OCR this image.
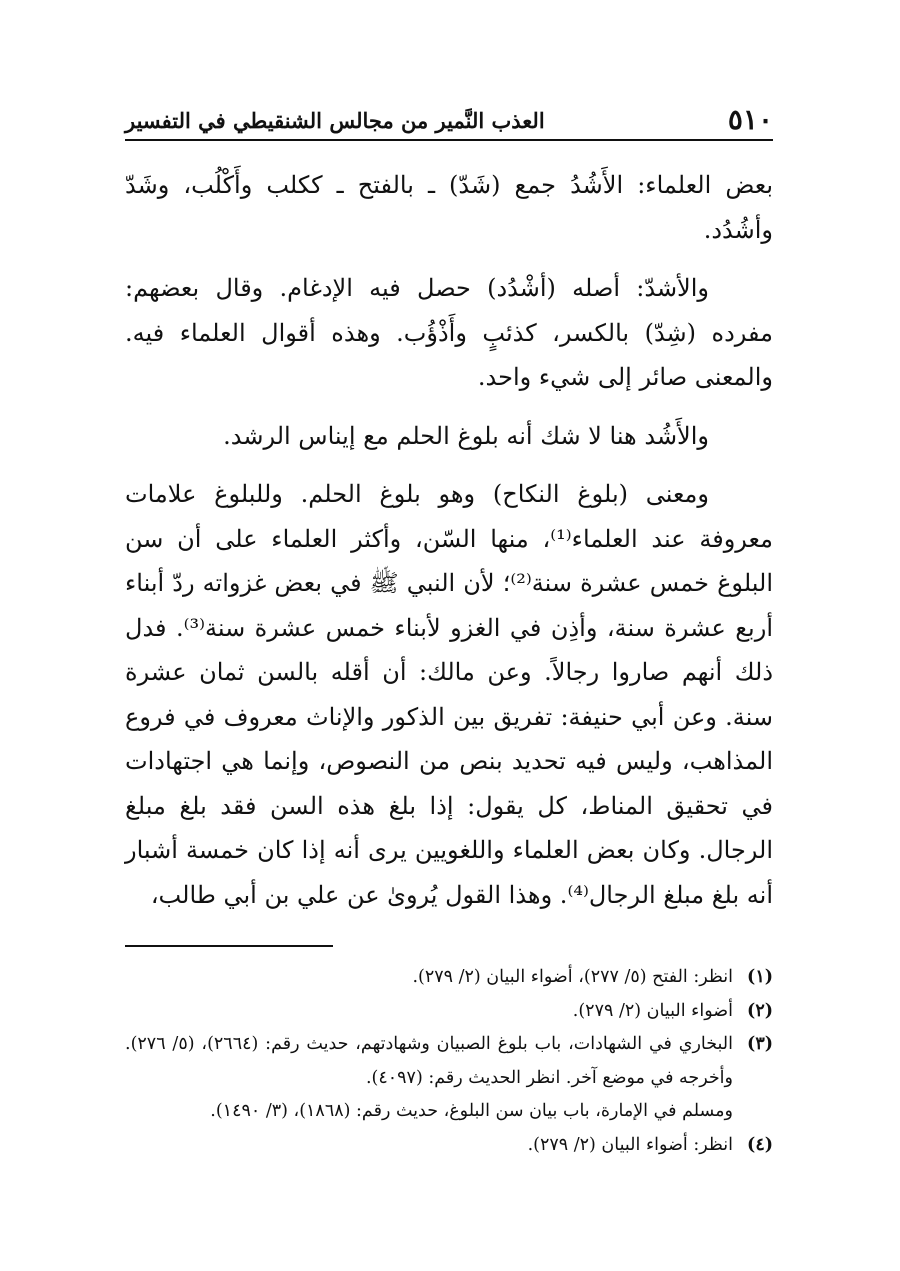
٥١٠
العذب النَّمير من مجالس الشنقيطي في التفسير

بعض العلماء: الأَشُدُ جمع (شَدّ) ـ بالفتح ـ ككلب وأَكْلُب، وشَدّ وأشُدُد.

والأشدّ: أصله (أشْدُد) حصل فيه الإدغام. وقال بعضهم: مفرده (شِدّ) بالكسر، كذئبٍ وأَذْؤُب. وهذه أقوال العلماء فيه. والمعنى صائر إلى شيء واحد.

والأَشُد هنا لا شك أنه بلوغ الحلم مع إيناس الرشد.

ومعنى (بلوغ النكاح) وهو بلوغ الحلم. وللبلوغ علامات معروفة عند العلماء⁽¹⁾، منها السّن، وأكثر العلماء على أن سن البلوغ خمس عشرة سنة⁽²⁾؛ لأن النبي ﷺ في بعض غزواته ردّ أبناء أربع عشرة سنة، وأذِن في الغزو لأبناء خمس عشرة سنة⁽³⁾. فدل ذلك أنهم صاروا رجالاً. وعن مالك: أن أقله بالسن ثمان عشرة سنة. وعن أبي حنيفة: تفريق بين الذكور والإناث معروف في فروع المذاهب، وليس فيه تحديد بنص من النصوص، وإنما هي اجتهادات في تحقيق المناط، كل يقول: إذا بلغ هذه السن فقد بلغ مبلغ الرجال. وكان بعض العلماء واللغويين يرى أنه إذا كان خمسة أشبار أنه بلغ مبلغ الرجال⁽⁴⁾. وهذا القول يُروىٰ عن علي بن أبي طالب،

(١)
انظر: الفتح (٥/ ٢٧٧)، أضواء البيان (٢/ ٢٧٩).
(٢)
أضواء البيان (٢/ ٢٧٩).
(٣)
البخاري في الشهادات، باب بلوغ الصبيان وشهادتهم، حديث رقم: (٢٦٦٤)، (٥/ ٢٧٦). وأخرجه في موضع آخر. انظر الحديث رقم: (٤٠٩٧).
ومسلم في الإمارة، باب بيان سن البلوغ، حديث رقم: (١٨٦٨)، (٣/ ١٤٩٠).
(٤)
انظر: أضواء البيان (٢/ ٢٧٩).
